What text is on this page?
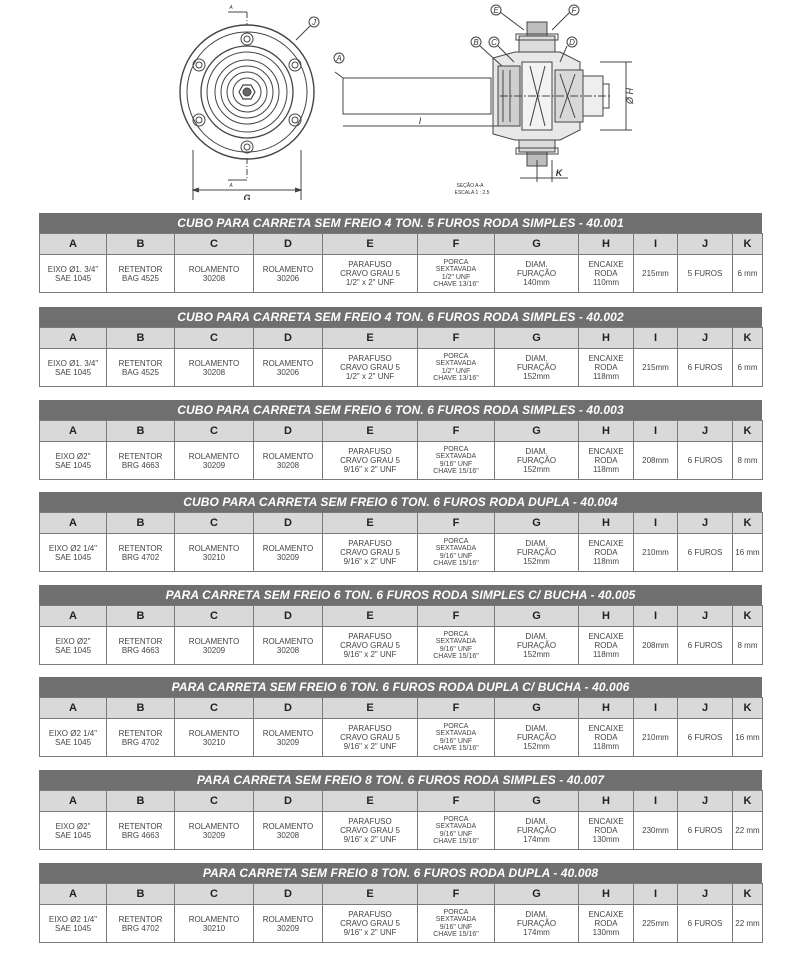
J
A
E	F
B C	D
G
I
K
Ø H
A
A	SEÇÃO A-A
ESCALA 1 : 2.5
CUBO PARA CARRETA SEM FREIO 4 TON. 5 FUROS RODA SIMPLES - 40.001
A	B	C	D	E	F	G	H	I	J	K
EIXO Ø1. 3/4"
SAE 1045	RETENTOR
BAG 4525	ROLAMENTO
30208	ROLAMENTO
30206	PARAFUSO
CRAVO GRAU 5
1/2" x 2" UNF	PORCA
SEXTAVADA
1/2" UNF
CHAVE 13/16"	DIAM.
FURAÇÃO
140mm	ENCAIXE
RODA
110mm	215mm	5 FUROS	6 mm
CUBO PARA CARRETA SEM FREIO 4 TON. 6 FUROS RODA SIMPLES - 40.002
A	B	C	D	E	F	G	H	I	J	K
EIXO Ø1. 3/4"
SAE 1045	RETENTOR
BAG 4525	ROLAMENTO
30208	ROLAMENTO
30206	PARAFUSO
CRAVO GRAU 5
1/2" x 2" UNF	PORCA
SEXTAVADA
1/2" UNF
CHAVE 13/16"	DIAM.
FURAÇÃO
152mm	ENCAIXE
RODA
118mm	215mm	6 FUROS	6 mm
CUBO PARA CARRETA SEM FREIO 6 TON. 6 FUROS RODA SIMPLES - 40.003
A	B	C	D	E	F	G	H	I	J	K
EIXO Ø2"
SAE 1045	RETENTOR
BRG 4663	ROLAMENTO
30209	ROLAMENTO
30208	PARAFUSO
CRAVO GRAU 5
9/16" x 2" UNF	PORCA
SEXTAVADA
9/16" UNF
CHAVE 15/16"	DIAM.
FURAÇÃO
152mm	ENCAIXE
RODA
118mm	208mm	6 FUROS	8 mm
CUBO PARA CARRETA SEM FREIO 6 TON. 6 FUROS RODA DUPLA - 40.004
A	B	C	D	E	F	G	H	I	J	K
EIXO Ø2 1/4"
SAE 1045	RETENTOR
BRG 4702	ROLAMENTO
30210	ROLAMENTO
30209	PARAFUSO
CRAVO GRAU 5
9/16" x 2" UNF	PORCA
SEXTAVADA
9/16" UNF
CHAVE 15/16"	DIAM.
FURAÇÃO
152mm	ENCAIXE
RODA
118mm	210mm	6 FUROS	16 mm
PARA CARRETA SEM FREIO 6 TON. 6 FUROS RODA SIMPLES C/ BUCHA - 40.005
A	B	C	D	E	F	G	H	I	J	K
EIXO Ø2"
SAE 1045	RETENTOR
BRG 4663	ROLAMENTO
30209	ROLAMENTO
30208	PARAFUSO
CRAVO GRAU 5
9/16" x 2" UNF	PORCA
SEXTAVADA
9/16" UNF
CHAVE 15/16"	DIAM.
FURAÇÃO
152mm	ENCAIXE
RODA
118mm	208mm	6 FUROS	8 mm
PARA CARRETA SEM FREIO 6 TON. 6 FUROS RODA DUPLA C/ BUCHA - 40.006
A	B	C	D	E	F	G	H	I	J	K
EIXO Ø2 1/4"
SAE 1045	RETENTOR
BRG 4702	ROLAMENTO
30210	ROLAMENTO
30209	PARAFUSO
CRAVO GRAU 5
9/16" x 2" UNF	PORCA
SEXTAVADA
9/16" UNF
CHAVE 15/16"	DIAM.
FURAÇÃO
152mm	ENCAIXE
RODA
118mm	210mm	6 FUROS	16 mm
PARA CARRETA SEM FREIO 8 TON. 6 FUROS RODA SIMPLES - 40.007
A	B	C	D	E	F	G	H	I	J	K
EIXO Ø2"
SAE 1045	RETENTOR
BRG 4663	ROLAMENTO
30209	ROLAMENTO
30208	PARAFUSO
CRAVO GRAU 5
9/16" x 2" UNF	PORCA
SEXTAVADA
9/16" UNF
CHAVE 15/16"	DIAM.
FURAÇÃO
174mm	ENCAIXE
RODA
130mm	230mm	6 FUROS	22 mm
PARA CARRETA SEM FREIO 8 TON. 6 FUROS RODA DUPLA - 40.008
A	B	C	D	E	F	G	H	I	J	K
EIXO Ø2 1/4"
SAE 1045	RETENTOR
BRG 4702	ROLAMENTO
30210	ROLAMENTO
30209	PARAFUSO
CRAVO GRAU 5
9/16" x 2" UNF	PORCA
SEXTAVADA
9/16" UNF
CHAVE 15/16"	DIAM.
FURAÇÃO
174mm	ENCAIXE
RODA
130mm	225mm	6 FUROS	22 mm
